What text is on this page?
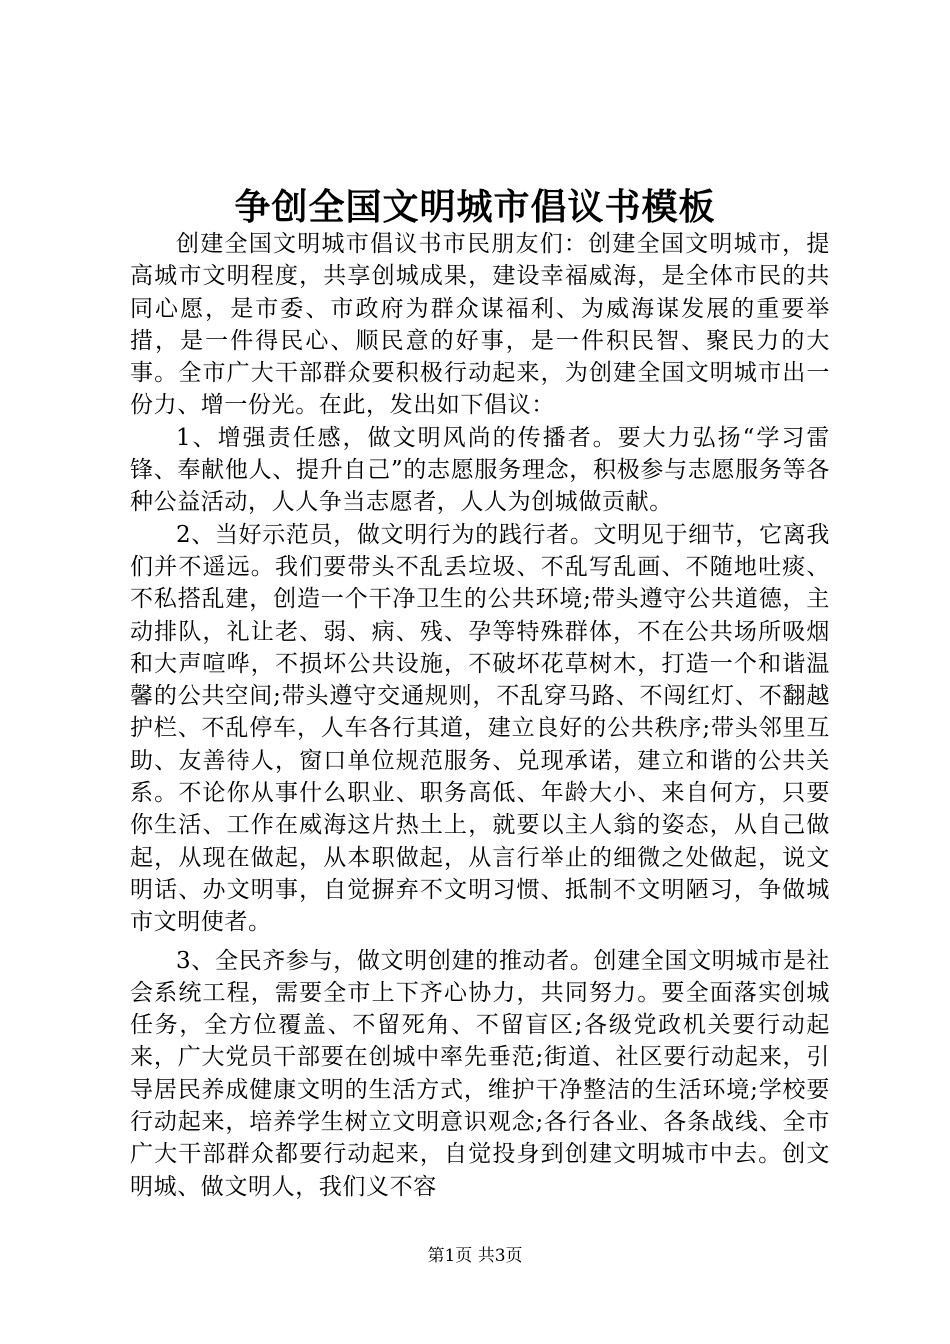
争创全国文明城市倡议书模板

创建全国文明城市倡议书市民朋友们：创建全国文明城市，提高城市文明程度，共享创城成果，建设幸福威海，是全体市民的共同心愿，是市委、市政府为群众谋福利、为威海谋发展的重要举措，是一件得民心、顺民意的好事，是一件积民智、聚民力的大事。全市广大干部群众要积极行动起来，为创建全国文明城市出一份力、增一份光。在此，发出如下倡议：

1、增强责任感，做文明风尚的传播者。要大力弘扬“学习雷锋、奉献他人、提升自己”的志愿服务理念，积极参与志愿服务等各种公益活动，人人争当志愿者，人人为创城做贡献。

2、当好示范员，做文明行为的践行者。文明见于细节，它离我们并不遥远。我们要带头不乱丢垃圾、不乱写乱画、不随地吐痰、不私搭乱建，创造一个干净卫生的公共环境;带头遵守公共道德，主动排队，礼让老、弱、病、残、孕等特殊群体，不在公共场所吸烟和大声喧哗，不损坏公共设施，不破坏花草树木，打造一个和谐温馨的公共空间;带头遵守交通规则，不乱穿马路、不闯红灯、不翻越护栏、不乱停车，人车各行其道，建立良好的公共秩序;带头邻里互助、友善待人，窗口单位规范服务、兑现承诺，建立和谐的公共关系。不论你从事什么职业、职务高低、年龄大小、来自何方，只要你生活、工作在威海这片热土上，就要以主人翁的姿态，从自己做起，从现在做起，从本职做起，从言行举止的细微之处做起，说文明话、办文明事，自觉摒弃不文明习惯、抵制不文明陋习，争做城市文明使者。

3、全民齐参与，做文明创建的推动者。创建全国文明城市是社会系统工程，需要全市上下齐心协力，共同努力。要全面落实创城任务，全方位覆盖、不留死角、不留盲区;各级党政机关要行动起来，广大党员干部要在创城中率先垂范;街道、社区要行动起来，引导居民养成健康文明的生活方式，维护干净整洁的生活环境;学校要行动起来，培养学生树立文明意识观念;各行各业、各条战线、全市广大干部群众都要行动起来，自觉投身到创建文明城市中去。创文明城、做文明人，我们义不容

第1页 共3页
